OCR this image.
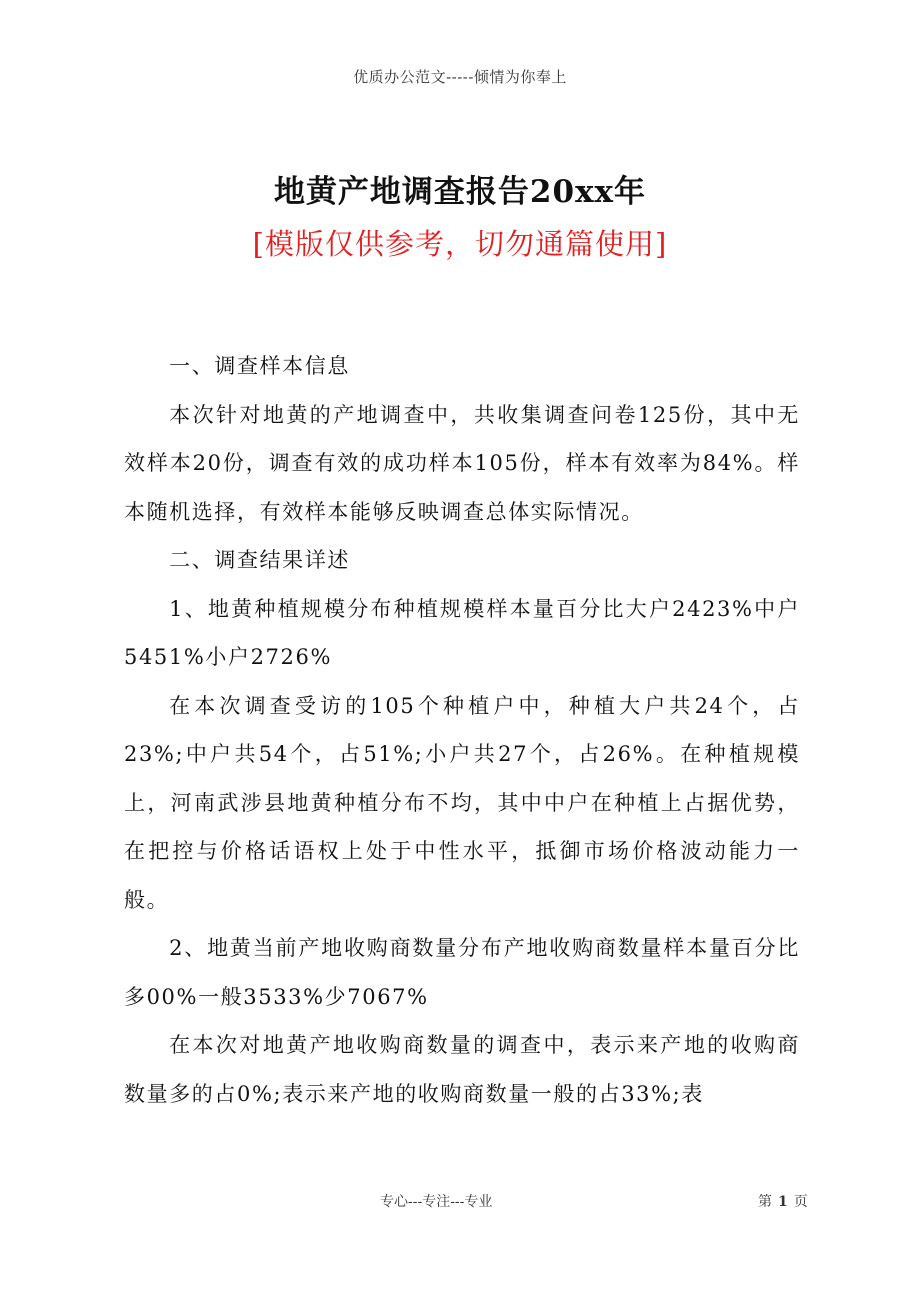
优质办公范文-----倾情为你奉上
地黄产地调查报告20xx年
[模版仅供参考，切勿通篇使用]

一、调查样本信息

本次针对地黄的产地调查中，共收集调查问卷125份，其中无效样本20份，调查有效的成功样本105份，样本有效率为84%。样本随机选择，有效样本能够反映调查总体实际情况。

二、调查结果详述

1、地黄种植规模分布种植规模样本量百分比大户2423%中户5451%小户2726%

在本次调查受访的105个种植户中，种植大户共24个，占23%;中户共54个，占51%;小户共27个，占26%。在种植规模上，河南武涉县地黄种植分布不均，其中中户在种植上占据优势，在把控与价格话语权上处于中性水平，抵御市场价格波动能力一般。

2、地黄当前产地收购商数量分布产地收购商数量样本量百分比多00%一般3533%少7067%

在本次对地黄产地收购商数量的调查中，表示来产地的收购商数量多的占0%;表示来产地的收购商数量一般的占33%;表

专心---专注---专业	第 1 页
